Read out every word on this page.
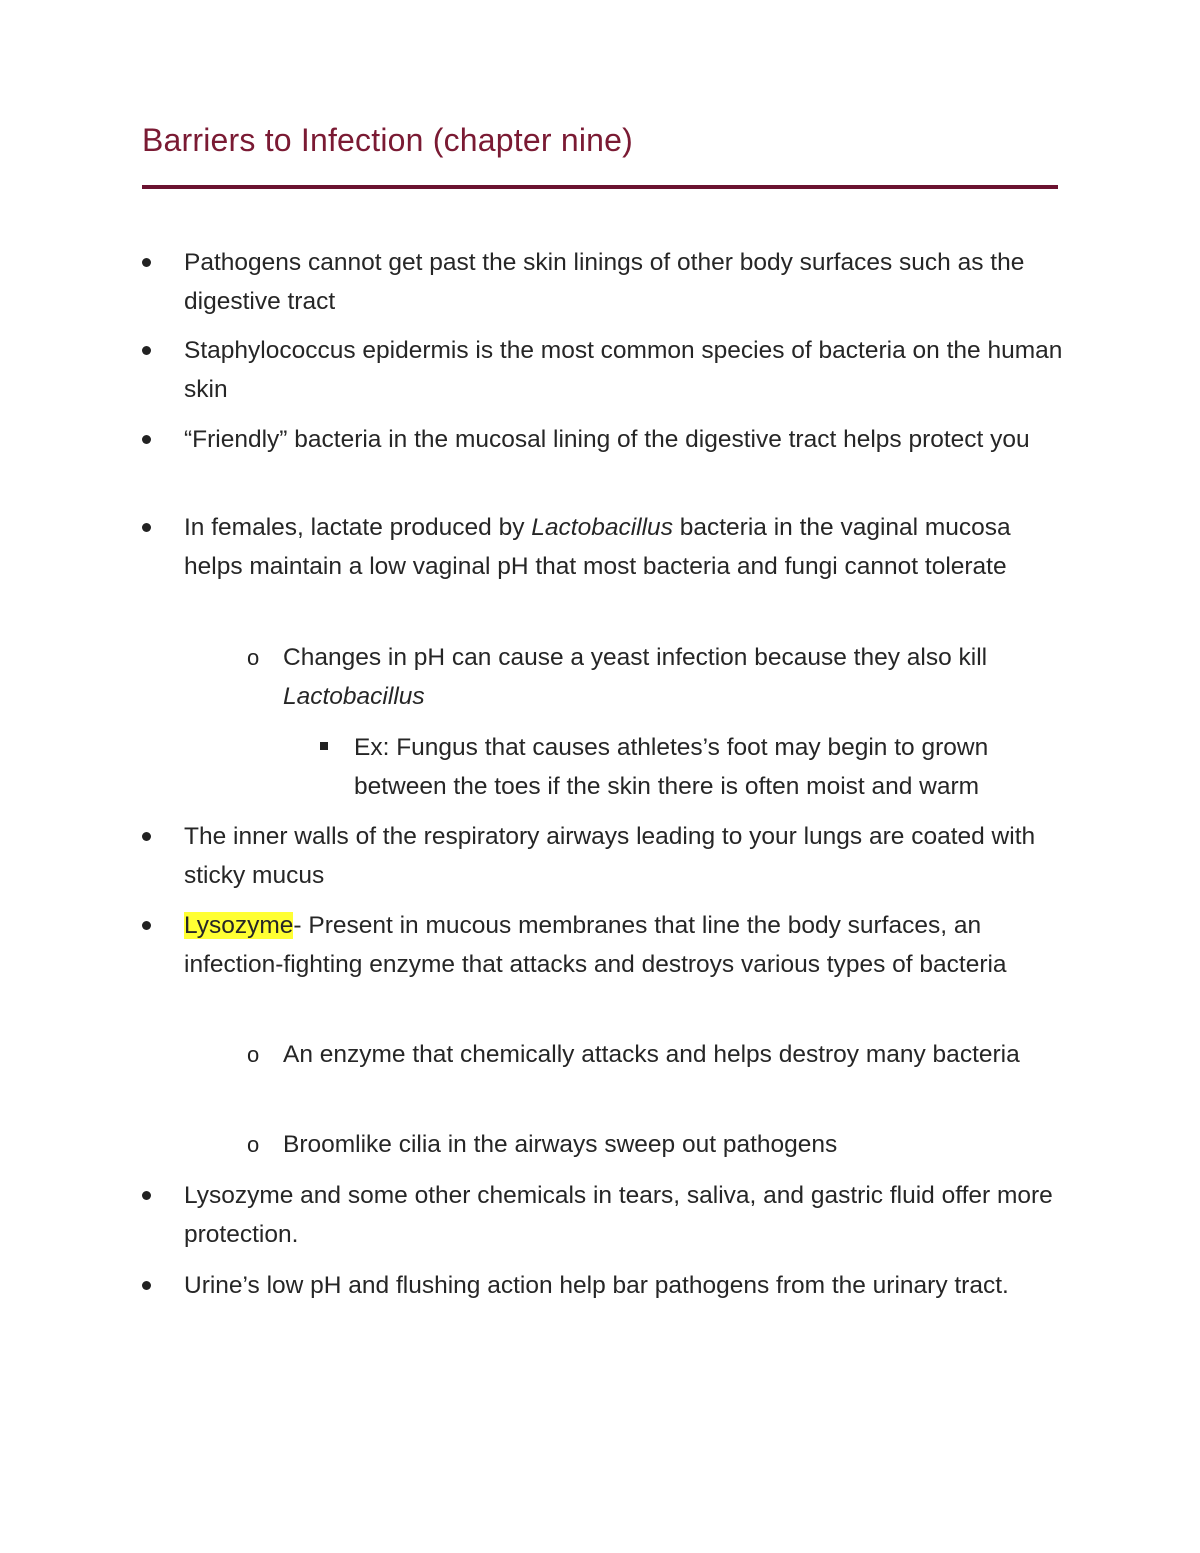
Barriers to Infection (chapter nine)
Pathogens cannot get past the skin linings of other body surfaces such as the digestive tract
Staphylococcus epidermis is the most common species of bacteria on the human skin
“Friendly” bacteria in the mucosal lining of the digestive tract helps protect you
In females, lactate produced by Lactobacillus bacteria in the vaginal mucosa helps maintain a low vaginal pH that most bacteria and fungi cannot tolerate
o Changes in pH can cause a yeast infection because they also kill Lactobacillus
Ex: Fungus that causes athletes’s foot may begin to grown between the toes if the skin there is often moist and warm
The inner walls of the respiratory airways leading to your lungs are coated with sticky mucus
Lysozyme- Present in mucous membranes that line the body surfaces, an infection-fighting enzyme that attacks and destroys various types of bacteria
o An enzyme that chemically attacks and helps destroy many bacteria
o Broomlike cilia in the airways sweep out pathogens
Lysozyme and some other chemicals in tears, saliva, and gastric fluid offer more protection.
Urine’s low pH and flushing action help bar pathogens from the urinary tract.
